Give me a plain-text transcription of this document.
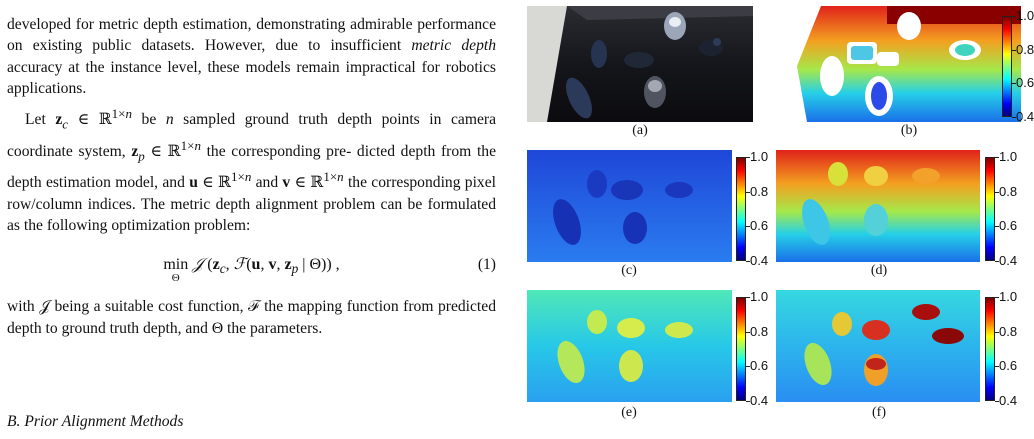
developed for metric depth estimation, demonstrating admirable performance on existing public datasets. However, due to insufficient metric depth accuracy at the instance level, these models remain impractical for robotics applications.

Let $z_c$ ∈ ℝ$^{1\times n}$ be n sampled ground truth depth points in camera coordinate system, $z_p$ ∈ ℝ$^{1\times n}$ the corresponding pre- dicted depth from the depth estimation model, and u ∈ ℝ$^{1\times n}$ and v ∈ ℝ$^{1\times n}$ the corresponding pixel row/column indices. The metric depth alignment problem can be formulated as the following optimization problem:

min
Θ
𝒥 ($z_c$, ℱ(u, v, $z_p$ | Θ)) ,	(1)

with 𝒥 being a suitable cost function, ℱ the mapping function from predicted depth to ground truth depth, and Θ the parameters.

B. Prior Alignment Methods
(a)	(b)
(c)	(d)
(e)	(f)
1.0
0.8
0.6
0.4
1.0
0.8
0.6
0.4
1.0
0.8
0.6
0.4
1.0
0.8
0.6
0.4
1.0
0.8
0.6
0.4
